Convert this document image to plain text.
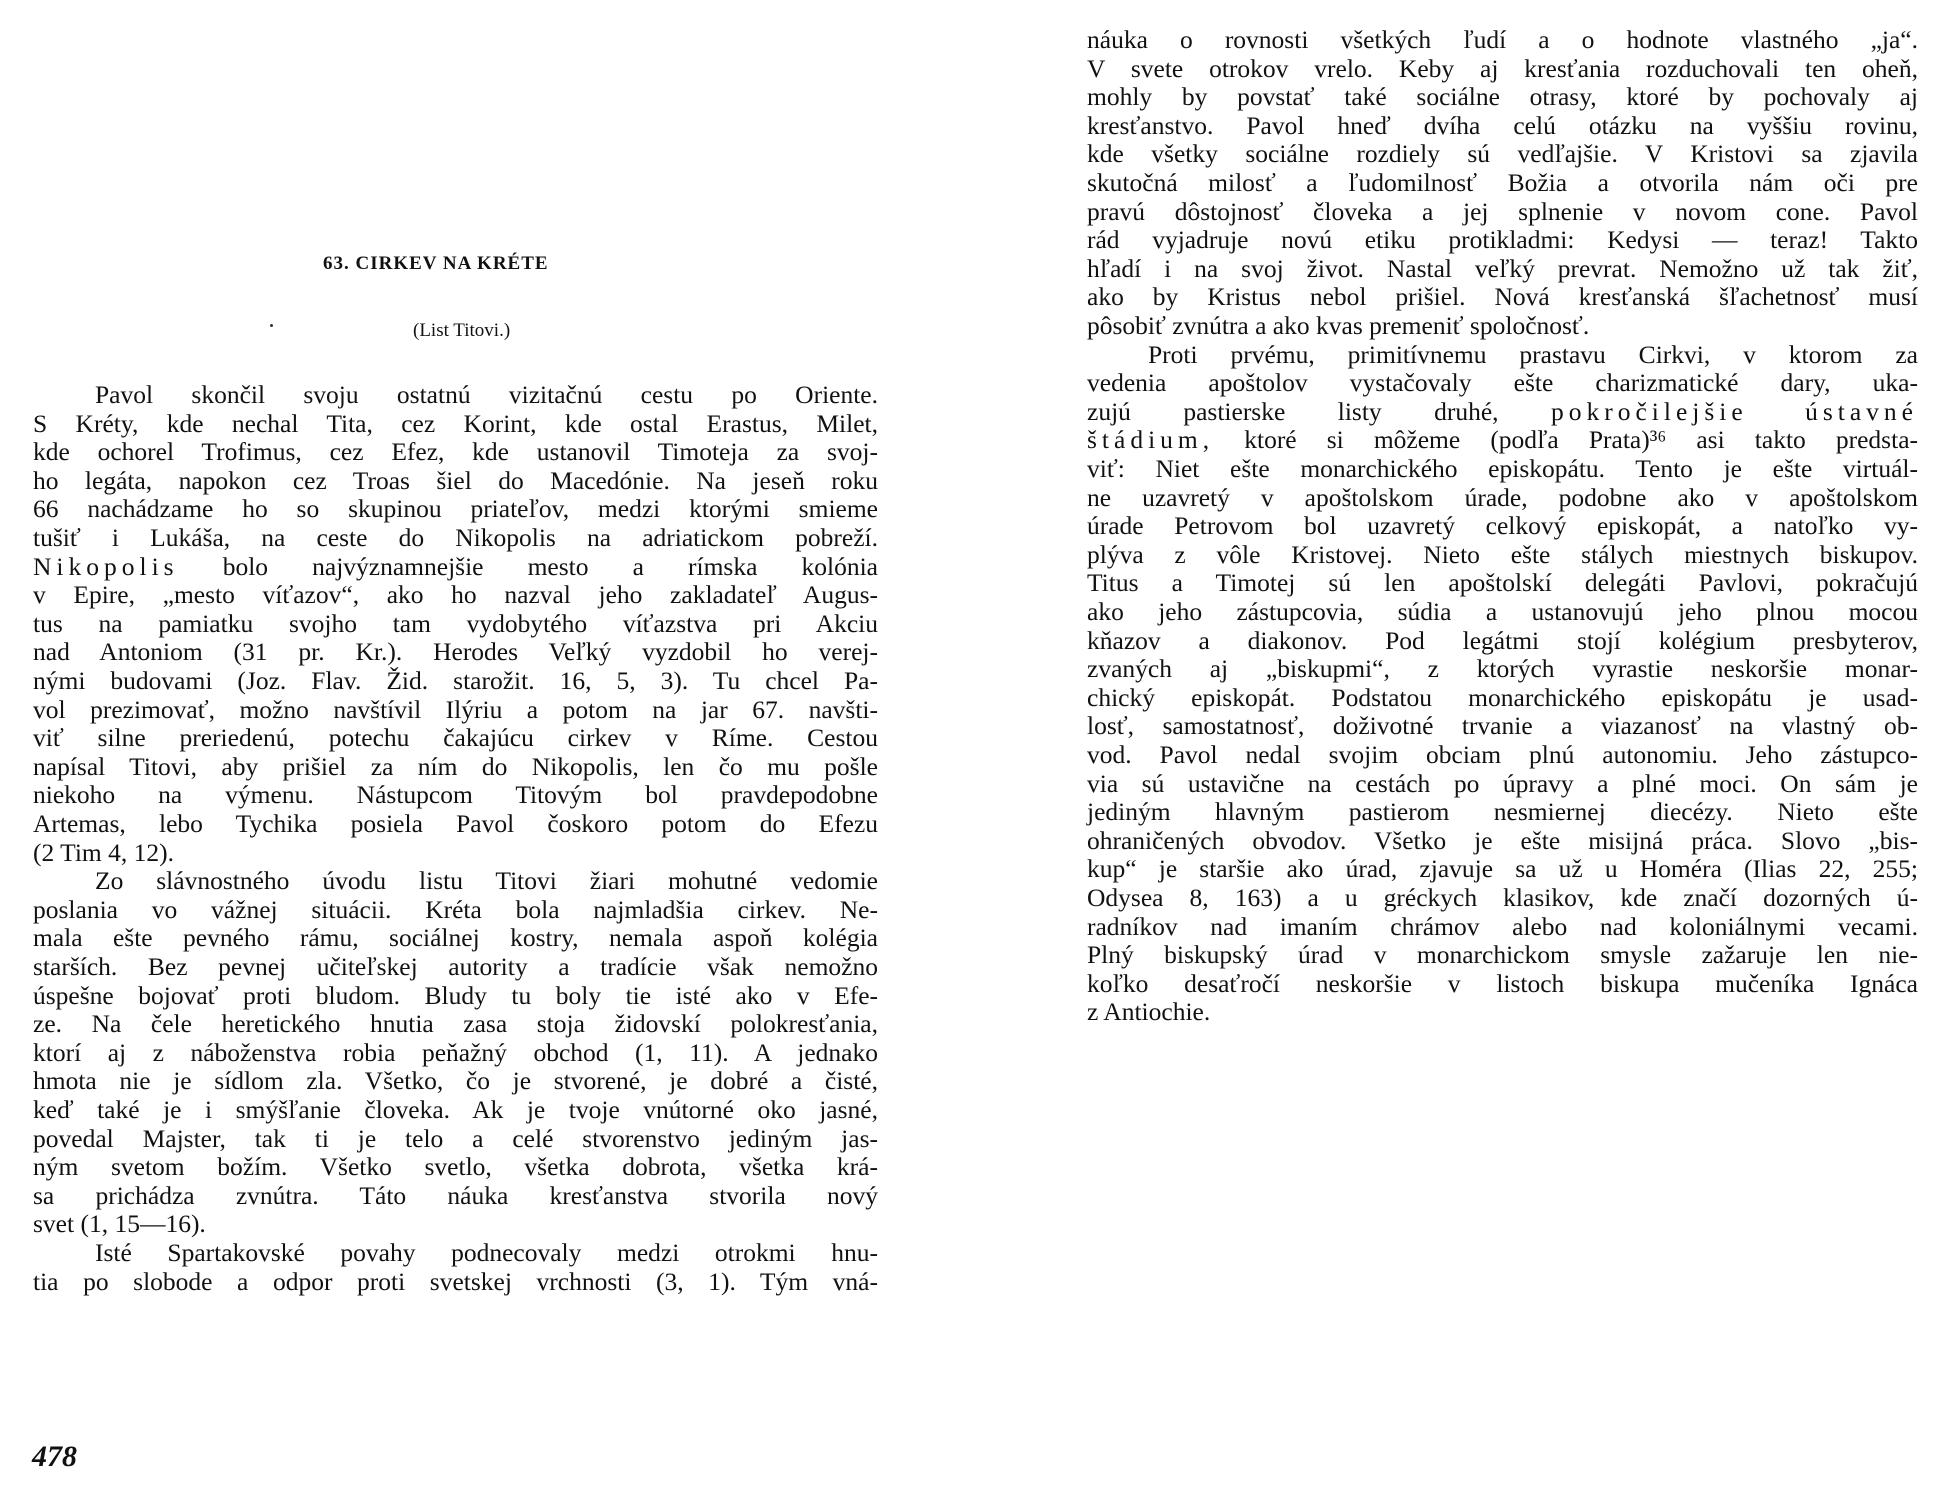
63. CIRKEV NA KRÉTE
(List Titovi.)
Pavol skončil svoju ostatnú vizitačnú cestu po Oriente.
S Kréty, kde nechal Tita, cez Korint, kde ostal Erastus, Milet,
kde ochorel Trofimus, cez Efez, kde ustanovil Timoteja za svoj-
ho legáta, napokon cez Troas šiel do Macedónie. Na jeseň roku
66 nachádzame ho so skupinou priateľov, medzi ktorými smieme
tušiť i Lukáša, na ceste do Nikopolis na adriatickom pobreží.
Nikopolis bolo najvýznamnejšie mesto a rímska kolónia
v Epire, „mesto víťazov“, ako ho nazval jeho zakladateľ Augus-
tus na pamiatku svojho tam vydobytého víťazstva pri Akciu
nad Antoniom (31 pr. Kr.). Herodes Veľký vyzdobil ho verej-
nými budovami (Joz. Flav. Žid. starožit. 16, 5, 3). Tu chcel Pa-
vol prezimovať, možno navštívil Ilýriu a potom na jar 67. navšti-
viť silne preriedenú, potechu čakajúcu cirkev v Ríme. Cestou
napísal Titovi, aby prišiel za ním do Nikopolis, len čo mu pošle
niekoho na výmenu. Nástupcom Titovým bol pravdepodobne
Artemas, lebo Tychika posiela Pavol čoskoro potom do Efezu
(2 Tim 4, 12).
Zo slávnostného úvodu listu Titovi žiari mohutné vedomie
poslania vo vážnej situácii. Kréta bola najmladšia cirkev. Ne-
mala ešte pevného rámu, sociálnej kostry, nemala aspoň kolégia
starších. Bez pevnej učiteľskej autority a tradície však nemožno
úspešne bojovať proti bludom. Bludy tu boly tie isté ako v Efe-
ze. Na čele heretického hnutia zasa stoja židovskí polokresťania,
ktorí aj z náboženstva robia peňažný obchod (1, 11). A jednako
hmota nie je sídlom zla. Všetko, čo je stvorené, je dobré a čisté,
keď také je i smýšľanie človeka. Ak je tvoje vnútorné oko jasné,
povedal Majster, tak ti je telo a celé stvorenstvo jediným jas-
ným svetom božím. Všetko svetlo, všetka dobrota, všetka krá-
sa prichádza zvnútra. Táto náuka kresťanstva stvorila nový
svet (1, 15—16).
Isté Spartakovské povahy podnecovaly medzi otrokmi hnu-
tia po slobode a odpor proti svetskej vrchnosti (3, 1). Tým vná-
478
náuka o rovnosti všetkých ľudí a o hodnote vlastného „ja“.
V svete otrokov vrelo. Keby aj kresťania rozduchovali ten oheň,
mohly by povstať také sociálne otrasy, ktoré by pochovaly aj
kresťanstvo. Pavol hneď dvíha celú otázku na vyššiu rovinu,
kde všetky sociálne rozdiely sú vedľajšie. V Kristovi sa zjavila
skutočná milosť a ľudomilnosť Božia a otvorila nám oči pre
pravú dôstojnosť človeka a jej splnenie v novom cone. Pavol
rád vyjadruje novú etiku protikladmi: Kedysi — teraz! Takto
hľadí i na svoj život. Nastal veľký prevrat. Nemožno už tak žiť,
ako by Kristus nebol prišiel. Nová kresťanská šľachetnosť musí
pôsobiť zvnútra a ako kvas premeniť spoločnosť.
Proti prvému, primitívnemu prastavu Cirkvi, v ktorom za
vedenia apoštolov vystačovaly ešte charizmatické dary, uka-
zujú pastierske listy druhé, pokročilejšie ústavné
štádium, ktoré si môžeme (podľa Prata)³⁶ asi takto predsta-
viť: Niet ešte monarchického episkopátu. Tento je ešte virtuál-
ne uzavretý v apoštolskom úrade, podobne ako v apoštolskom
úrade Petrovom bol uzavretý celkový episkopát, a natoľko vy-
plýva z vôle Kristovej. Nieto ešte stálych miestnych biskupov.
Titus a Timotej sú len apoštolskí delegáti Pavlovi, pokračujú
ako jeho zástupcovia, súdia a ustanovujú jeho plnou mocou
kňazov a diakonov. Pod legátmi stojí kolégium presbyterov,
zvaných aj „biskupmi“, z ktorých vyrastie neskoršie monar-
chický episkopát. Podstatou monarchického episkopátu je usad-
losť, samostatnosť, doživotné trvanie a viazanosť na vlastný ob-
vod. Pavol nedal svojim obciam plnú autonomiu. Jeho zástupco-
via sú ustavične na cestách po úpravy a plné moci. On sám je
jediným hlavným pastierom nesmiernej diecézy. Nieto ešte
ohraničených obvodov. Všetko je ešte misijná práca. Slovo „bis-
kup“ je staršie ako úrad, zjavuje sa už u Homéra (Ilias 22, 255;
Odysea 8, 163) a u gréckych klasikov, kde značí dozorných ú-
radníkov nad imaním chrámov alebo nad koloniálnymi vecami.
Plný biskupský úrad v monarchickom smysle zažaruje len nie-
koľko desaťročí neskoršie v listoch biskupa mučeníka Ignáca
z Antiochie.
